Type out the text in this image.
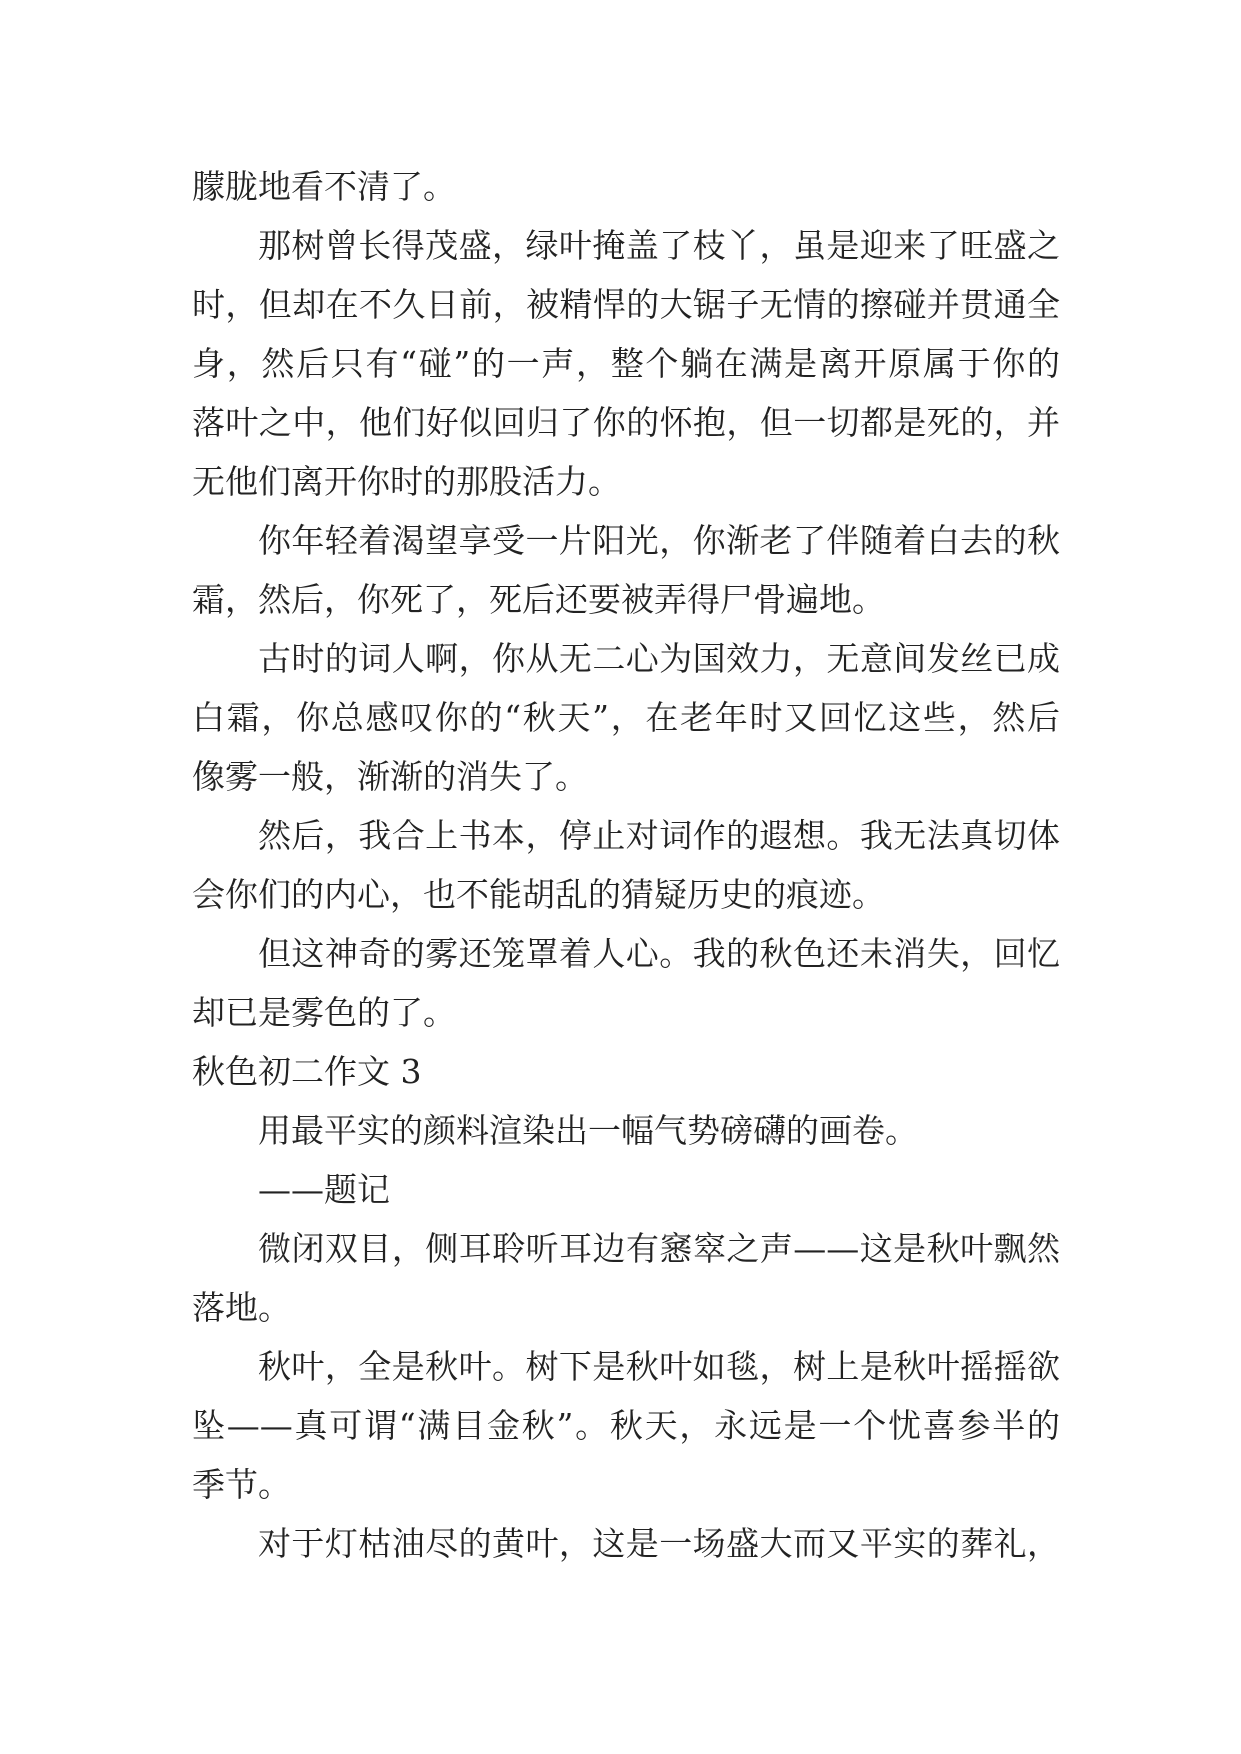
朦胧地看不清了。
那树曾长得茂盛，绿叶掩盖了枝丫，虽是迎来了旺盛之
时，但却在不久日前，被精悍的大锯子无情的擦碰并贯通全
身，然后只有“碰”的一声，整个躺在满是离开原属于你的
落叶之中，他们好似回归了你的怀抱，但一切都是死的，并
无他们离开你时的那股活力。
你年轻着渴望享受一片阳光，你渐老了伴随着白去的秋
霜，然后，你死了，死后还要被弄得尸骨遍地。
古时的词人啊，你从无二心为国效力，无意间发丝已成
白霜，你总感叹你的“秋天”，在老年时又回忆这些，然后
像雾一般，渐渐的消失了。
然后，我合上书本，停止对词作的遐想。我无法真切体
会你们的内心，也不能胡乱的猜疑历史的痕迹。
但这神奇的雾还笼罩着人心。我的秋色还未消失，回忆
却已是雾色的了。
秋色初二作文 3
用最平实的颜料渲染出一幅气势磅礴的画卷。
——题记
微闭双目，侧耳聆听耳边有窸窣之声——这是秋叶飘然
落地。
秋叶，全是秋叶。树下是秋叶如毯，树上是秋叶摇摇欲
坠——真可谓“满目金秋”。秋天，永远是一个忧喜参半的
季节。
对于灯枯油尽的黄叶，这是一场盛大而又平实的葬礼，
